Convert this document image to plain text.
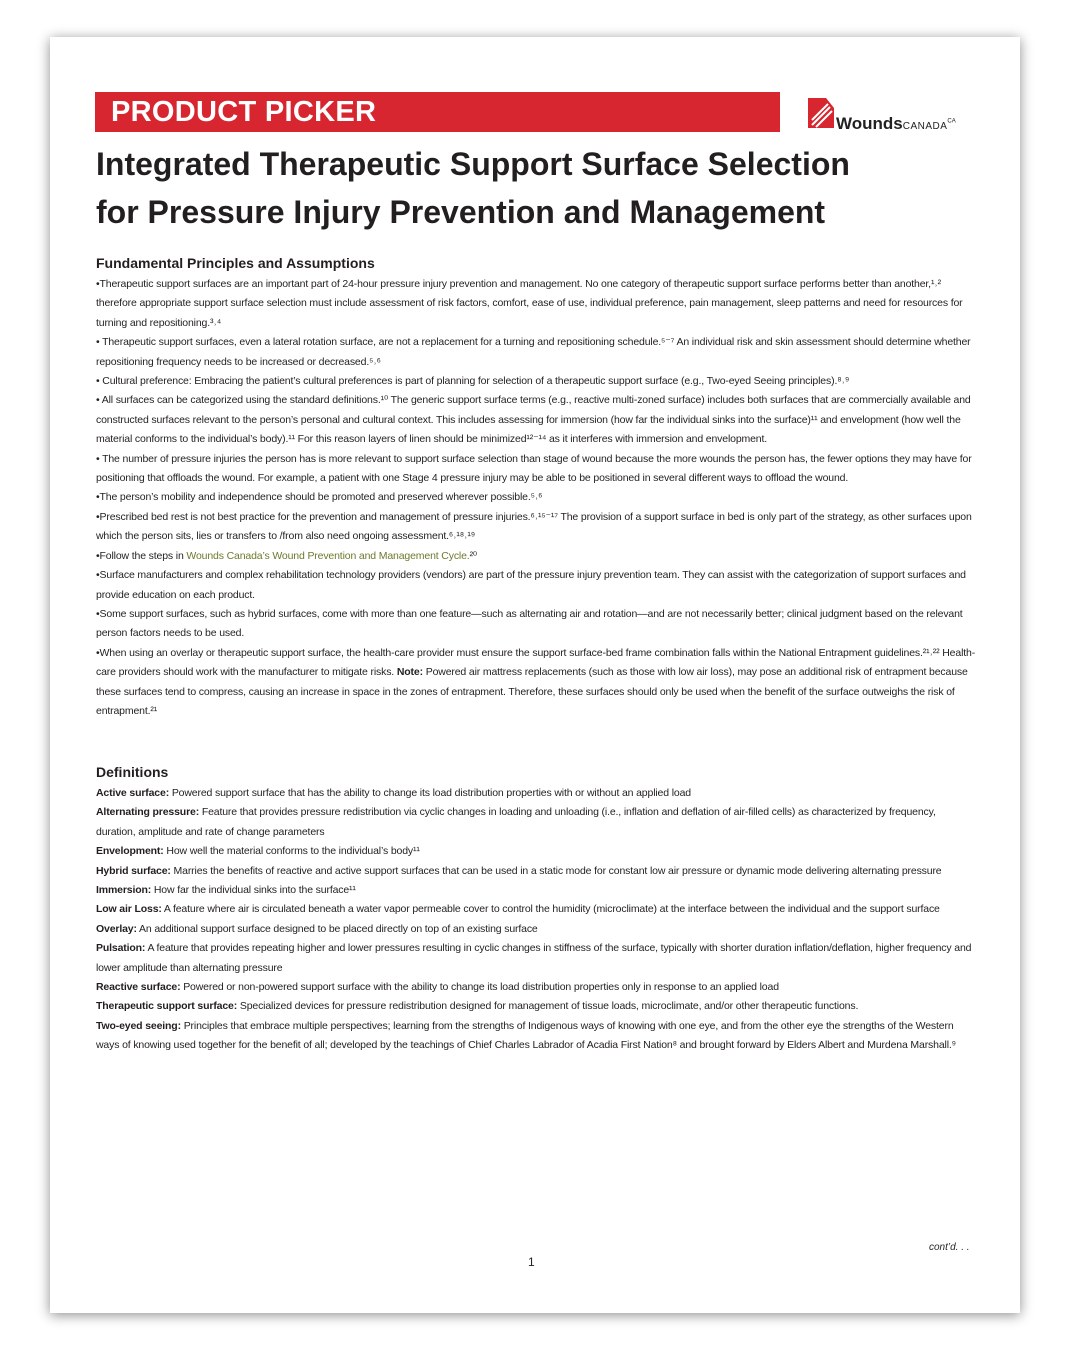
PRODUCT PICKER	WoundsCANADA$^{CA}$
Integrated Therapeutic Support Surface Selection
for Pressure Injury Prevention and Management
Fundamental Principles and Assumptions

•Therapeutic support surfaces are an important part of 24-hour pressure injury prevention and management. No one category of therapeutic support surface performs better than another,¹˒² therefore appropriate support surface selection must include assessment of risk factors, comfort, ease of use, individual preference, pain management, sleep patterns and need for resources for turning and repositioning.³˒⁴

• Therapeutic support surfaces, even a lateral rotation surface, are not a replacement for a turning and repositioning schedule.⁵⁻⁷ An individual risk and skin assessment should determine whether repositioning frequency needs to be increased or decreased.⁵˒⁶

• Cultural preference: Embracing the patient’s cultural preferences is part of planning for selection of a therapeutic support surface (e.g., Two-eyed Seeing principles).⁸˒⁹

• All surfaces can be categorized using the standard definitions.¹⁰ The generic support surface terms (e.g., reactive multi-zoned surface) includes both surfaces that are commercially available and constructed surfaces relevant to the person’s personal and cultural context. This includes assessing for immersion (how far the individual sinks into the surface)¹¹ and envelopment (how well the material conforms to the individual’s body).¹¹ For this reason layers of linen should be minimized¹²⁻¹⁴ as it interferes with immersion and envelopment.

• The number of pressure injuries the person has is more relevant to support surface selection than stage of wound because the more wounds the person has, the fewer options they may have for positioning that offloads the wound. For example, a patient with one Stage 4 pressure injury may be able to be positioned in several different ways to offload the wound.

•The person’s mobility and independence should be promoted and preserved wherever possible.⁵˒⁶

•Prescribed bed rest is not best practice for the prevention and management of pressure injuries.⁶˒¹⁵⁻¹⁷ The provision of a support surface in bed is only part of the strategy, as other surfaces upon which the person sits, lies or transfers to /from also need ongoing assessment.⁶˒¹⁸˒¹⁹

•Follow the steps in Wounds Canada’s Wound Prevention and Management Cycle.²⁰

•Surface manufacturers and complex rehabilitation technology providers (vendors) are part of the pressure injury prevention team. They can assist with the categorization of support surfaces and provide education on each product.

•Some support surfaces, such as hybrid surfaces, come with more than one feature—such as alternating air and rotation—and are not necessarily better; clinical judgment based on the relevant person factors needs to be used.

•When using an overlay or therapeutic support surface, the health-care provider must ensure the support surface-bed frame combination falls within the National Entrapment guidelines.²¹˒²² Health-care providers should work with the manufacturer to mitigate risks. Note: Powered air mattress replacements (such as those with low air loss), may pose an additional risk of entrapment because these surfaces tend to compress, causing an increase in space in the zones of entrapment. Therefore, these surfaces should only be used when the benefit of the surface outweighs the risk of entrapment.²¹

Definitions

Active surface: Powered support surface that has the ability to change its load distribution properties with or without an applied load

Alternating pressure: Feature that provides pressure redistribution via cyclic changes in loading and unloading (i.e., inflation and deflation of air-filled cells) as characterized by frequency, duration, amplitude and rate of change parameters

Envelopment: How well the material conforms to the individual’s body¹¹

Hybrid surface: Marries the benefits of reactive and active support surfaces that can be used in a static mode for constant low air pressure or dynamic mode delivering alternating pressure

Immersion: How far the individual sinks into the surface¹¹

Low air Loss: A feature where air is circulated beneath a water vapor permeable cover to control the humidity (microclimate) at the interface between the individual and the support surface

Overlay: An additional support surface designed to be placed directly on top of an existing surface

Pulsation: A feature that provides repeating higher and lower pressures resulting in cyclic changes in stiffness of the surface, typically with shorter duration inflation/deflation, higher frequency and lower amplitude than alternating pressure

Reactive surface: Powered or non-powered support surface with the ability to change its load distribution properties only in response to an applied load

Therapeutic support surface: Specialized devices for pressure redistribution designed for management of tissue loads, microclimate, and/or other therapeutic functions.

Two-eyed seeing: Principles that embrace multiple perspectives; learning from the strengths of Indigenous ways of knowing with one eye, and from the other eye the strengths of the Western ways of knowing used together for the benefit of all; developed by the teachings of Chief Charles Labrador of Acadia First Nation⁸ and brought forward by Elders Albert and Murdena Marshall.⁹

cont’d. . .
1
